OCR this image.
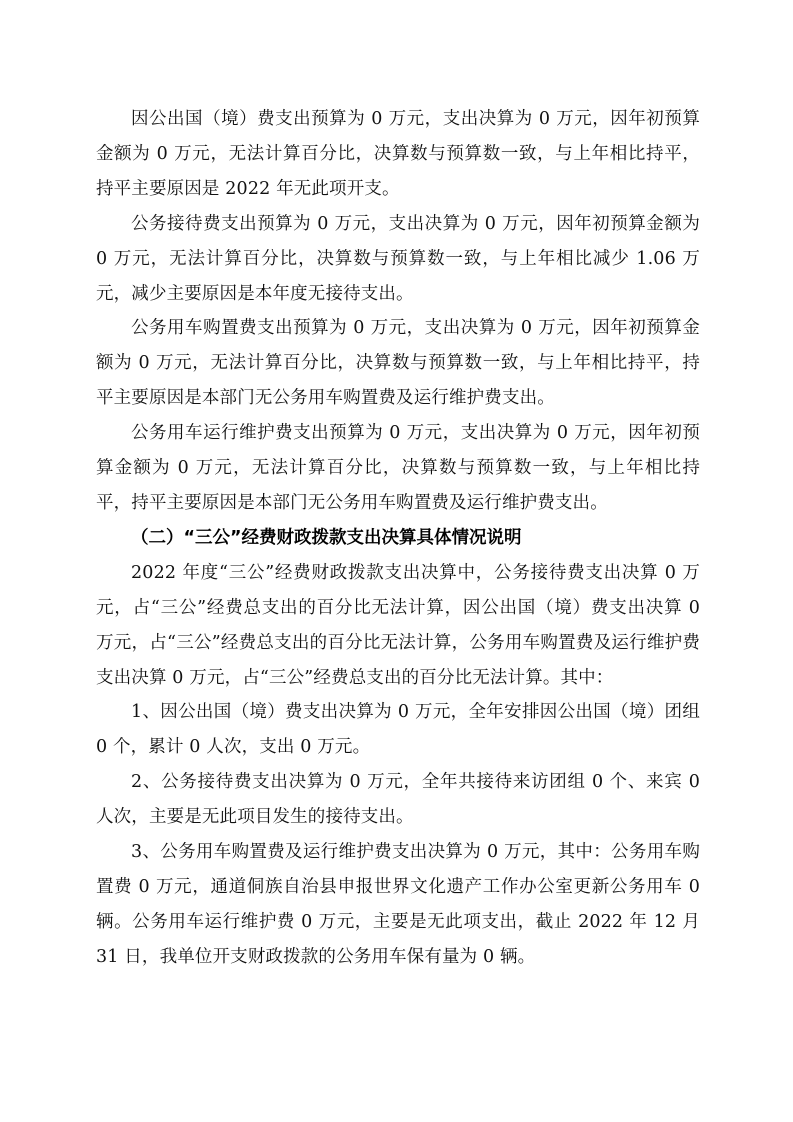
因公出国（境）费支出预算为 0 万元，支出决算为 0 万元，因年初预算金额为 0 万元，无法计算百分比，决算数与预算数一致，与上年相比持平，持平主要原因是 2022 年无此项开支。

公务接待费支出预算为 0 万元，支出决算为 0 万元，因年初预算金额为 0 万元，无法计算百分比，决算数与预算数一致，与上年相比减少 1.06 万元，减少主要原因是本年度无接待支出。

公务用车购置费支出预算为 0 万元，支出决算为 0 万元，因年初预算金额为 0 万元，无法计算百分比，决算数与预算数一致，与上年相比持平，持平主要原因是本部门无公务用车购置费及运行维护费支出。

公务用车运行维护费支出预算为 0 万元，支出决算为 0 万元，因年初预算金额为 0 万元，无法计算百分比，决算数与预算数一致，与上年相比持平，持平主要原因是本部门无公务用车购置费及运行维护费支出。

（二）“三公”经费财政拨款支出决算具体情况说明

2022 年度“三公”经费财政拨款支出决算中，公务接待费支出决算 0 万元，占“三公”经费总支出的百分比无法计算，因公出国（境）费支出决算 0 万元，占“三公”经费总支出的百分比无法计算，公务用车购置费及运行维护费支出决算 0 万元，占“三公”经费总支出的百分比无法计算。其中：

1、因公出国（境）费支出决算为 0 万元，全年安排因公出国（境）团组 0 个，累计 0 人次，支出 0 万元。

2、公务接待费支出决算为 0 万元，全年共接待来访团组 0 个、来宾 0 人次，主要是无此项目发生的接待支出。

3、公务用车购置费及运行维护费支出决算为 0 万元，其中：公务用车购置费 0 万元，通道侗族自治县申报世界文化遗产工作办公室更新公务用车 0 辆。公务用车运行维护费 0 万元，主要是无此项支出，截止 2022 年 12 月 31 日，我单位开支财政拨款的公务用车保有量为 0 辆。
